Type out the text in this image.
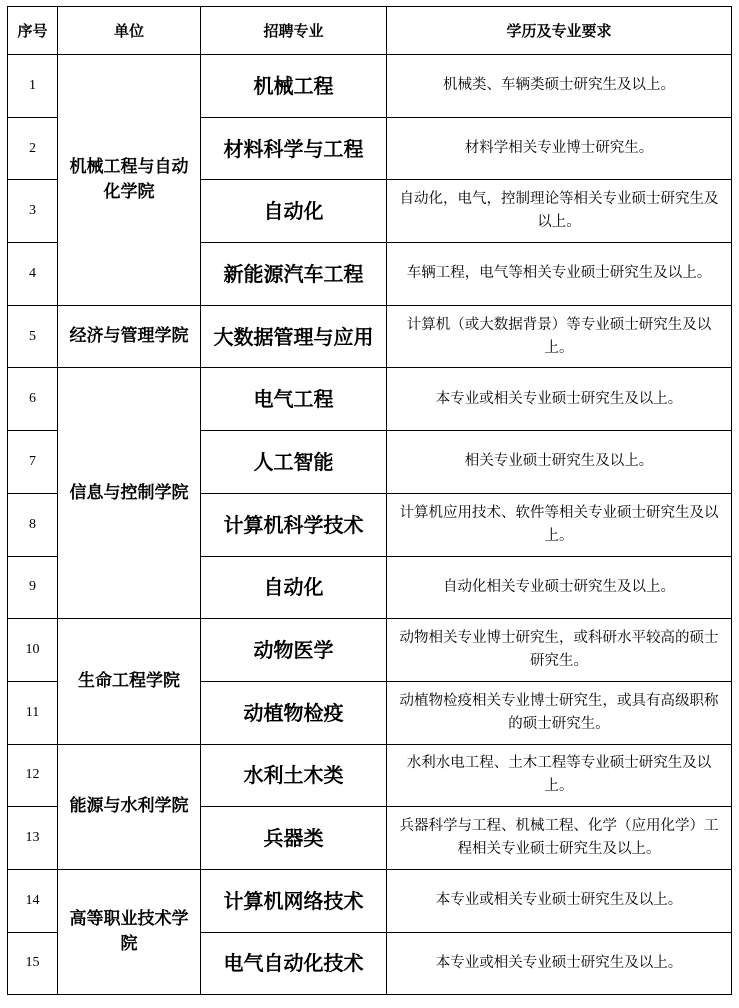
序号	单位	招聘专业	学历及专业要求
1	机械工程与自动化学院	机械工程	机械类、车辆类硕士研究生及以上。
2		材料科学与工程	材料学相关专业博士研究生。
3		自动化	自动化，电气，控制理论等相关专业硕士研究生及以上。
4		新能源汽车工程	车辆工程，电气等相关专业硕士研究生及以上。
5	经济与管理学院	大数据管理与应用	计算机（或大数据背景）等专业硕士研究生及以上。
6	信息与控制学院	电气工程	本专业或相关专业硕士研究生及以上。
7		人工智能	相关专业硕士研究生及以上。
8		计算机科学技术	计算机应用技术、软件等相关专业硕士研究生及以上。
9		自动化	自动化相关专业硕士研究生及以上。
10	生命工程学院	动物医学	动物相关专业博士研究生，或科研水平较高的硕士研究生。
11		动植物检疫	动植物检疫相关专业博士研究生，或具有高级职称的硕士研究生。
12	能源与水利学院	水利土木类	水利水电工程、土木工程等专业硕士研究生及以上。
13		兵器类	兵器科学与工程、机械工程、化学（应用化学）工程相关专业硕士研究生及以上。
14	高等职业技术学院	计算机网络技术	本专业或相关专业硕士研究生及以上。
15		电气自动化技术	本专业或相关专业硕士研究生及以上。
